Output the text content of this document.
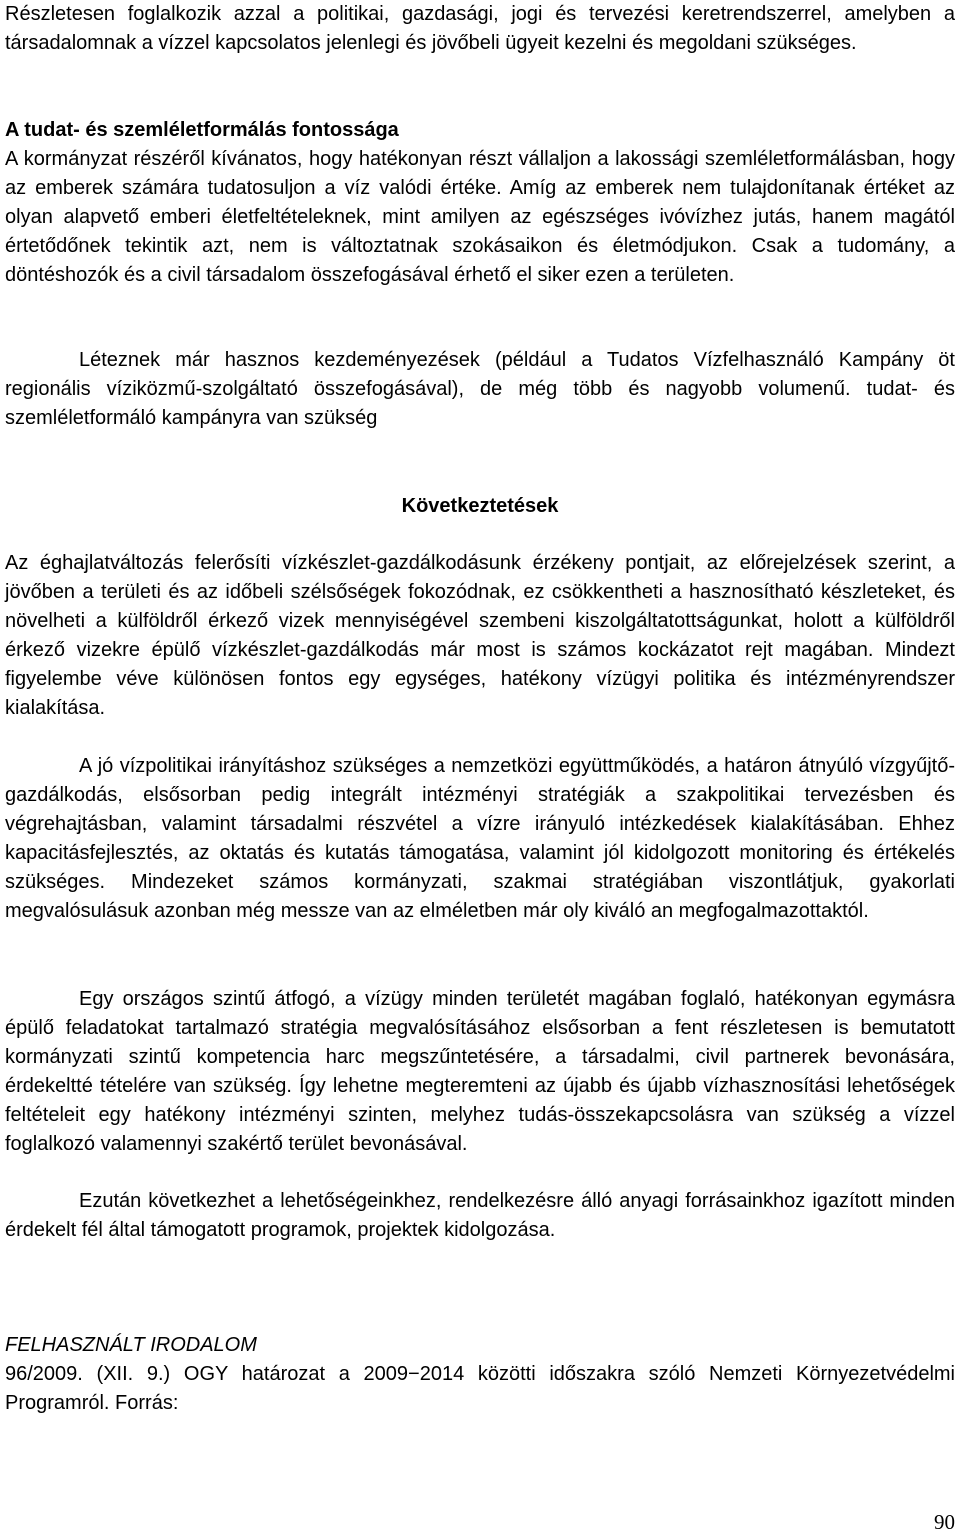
Részletesen foglalkozik azzal a politikai, gazdasági, jogi és tervezési keretrendszerrel, amelyben a társadalomnak a vízzel kapcsolatos jelenlegi és jövőbeli ügyeit kezelni és megoldani szükséges.

A tudat- és szemléletformálás fontossága

A kormányzat részéről kívánatos, hogy hatékonyan részt vállaljon a lakossági szemléletformálásban, hogy az emberek számára tudatosuljon a víz valódi értéke. Amíg az emberek nem tulajdonítanak értéket az olyan alapvető emberi életfeltételeknek, mint amilyen az egészséges ivóvízhez jutás, hanem magától értetődőnek tekintik azt, nem is változtatnak szokásaikon és életmódjukon. Csak a tudomány, a döntéshozók és a civil társadalom összefogásával érhető el siker ezen a területen.

Léteznek már hasznos kezdeményezések (például a Tudatos Vízfelhasználó Kampány öt regionális víziközmű-szolgáltató összefogásával), de még több és nagyobb volumenű. tudat- és szemléletformáló kampányra van szükség

Következtetések

Az éghajlatváltozás felerősíti vízkészlet-gazdálkodásunk érzékeny pontjait, az előrejelzések szerint, a jövőben a területi és az időbeli szélsőségek fokozódnak, ez csökkentheti a hasznosítható készleteket, és növelheti a külföldről érkező vizek mennyiségével szembeni kiszolgáltatottságunkat, holott a külföldről érkező vizekre épülő vízkészlet-gazdálkodás már most is számos kockázatot rejt magában. Mindezt figyelembe véve különösen fontos egy egységes, hatékony vízügyi politika és intézményrendszer kialakítása.

A jó vízpolitikai irányításhoz szükséges a nemzetközi együttműködés, a határon átnyúló vízgyűjtő-gazdálkodás, elsősorban pedig integrált intézményi stratégiák a szakpolitikai tervezésben és végrehajtásban, valamint társadalmi részvétel a vízre irányuló intézkedések kialakításában. Ehhez kapacitásfejlesztés, az oktatás és kutatás támogatása, valamint jól kidolgozott monitoring és értékelés szükséges. Mindezeket számos kormányzati, szakmai stratégiában viszontlátjuk, gyakorlati megvalósulásuk azonban még messze van az elméletben már oly kiváló an megfogalmazottaktól.

Egy országos szintű átfogó, a vízügy minden területét magában foglaló, hatékonyan egymásra épülő feladatokat tartalmazó stratégia megvalósításához elsősorban a fent részletesen is bemutatott kormányzati szintű kompetencia harc megszűntetésére, a társadalmi, civil partnerek bevonására, érdekeltté tételére van szükség. Így lehetne megteremteni az újabb és újabb vízhasznosítási lehetőségek feltételeit egy hatékony intézményi szinten, melyhez tudás-összekapcsolásra van szükség a vízzel foglalkozó valamennyi szakértő terület bevonásával.

Ezután következhet a lehetőségeinkhez, rendelkezésre álló anyagi forrásainkhoz igazított minden érdekelt fél által támogatott programok, projektek kidolgozása.

FELHASZNÁLT IRODALOM

96/2009. (XII. 9.) OGY határozat a 2009−2014 közötti időszakra szóló Nemzeti Környezetvédelmi Programról. Forrás:

90
